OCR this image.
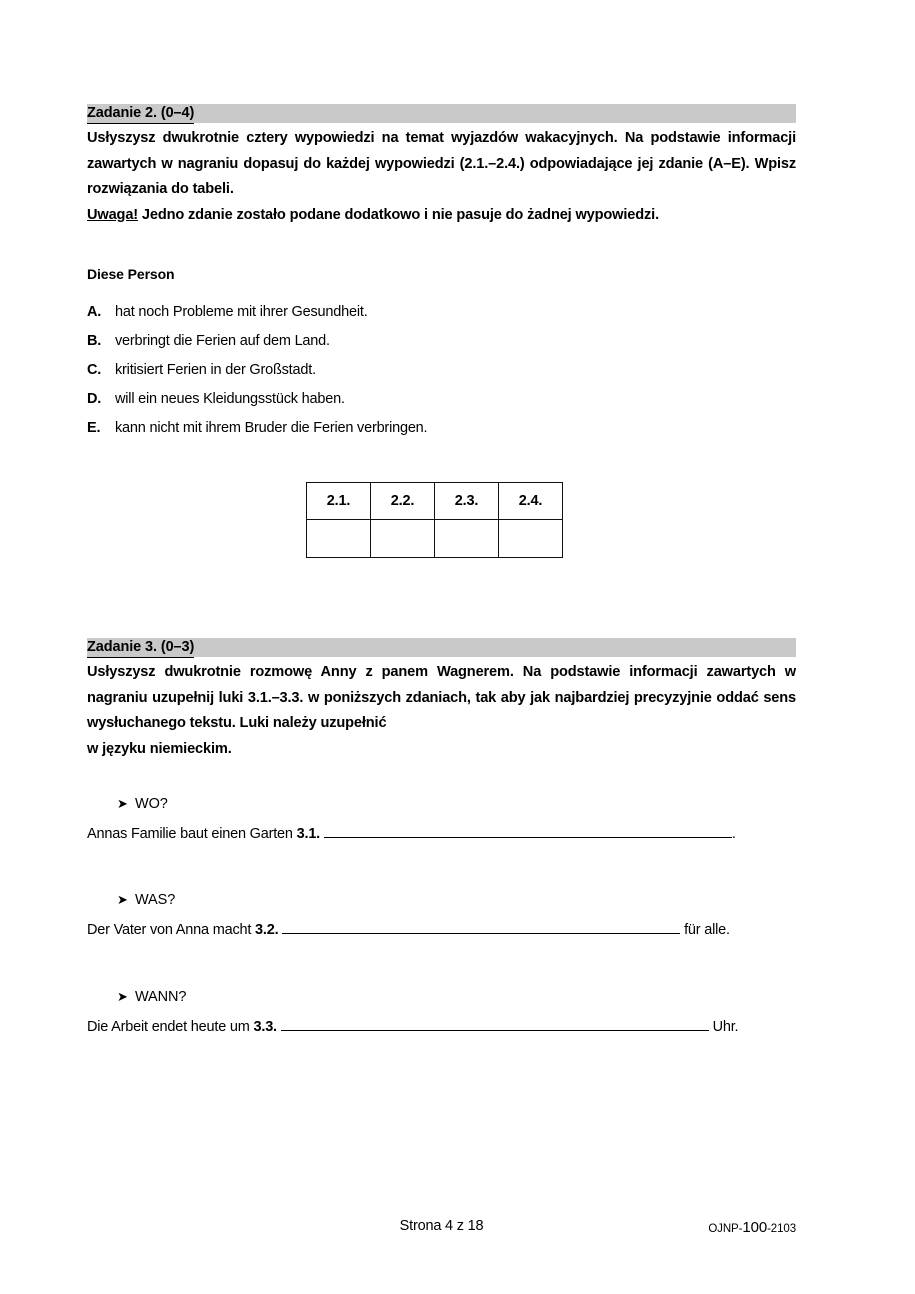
Zadanie 2. (0–4)
Usłyszysz dwukrotnie cztery wypowiedzi na temat wyjazdów wakacyjnych. Na podstawie informacji zawartych w nagraniu dopasuj do każdej wypowiedzi (2.1.–2.4.) odpowiadające jej zdanie (A–E). Wpisz rozwiązania do tabeli.
Uwaga! Jedno zdanie zostało podane dodatkowo i nie pasuje do żadnej wypowiedzi.
Diese Person
A. hat noch Probleme mit ihrer Gesundheit.
B. verbringt die Ferien auf dem Land.
C. kritisiert Ferien in der Großstadt.
D. will ein neues Kleidungsstück haben.
E. kann nicht mit ihrem Bruder die Ferien verbringen.
2.1.	2.2.	2.3.	2.4.

Zadanie 3. (0–3)
Usłyszysz dwukrotnie rozmowę Anny z panem Wagnerem. Na podstawie informacji zawartych w nagraniu uzupełnij luki 3.1.–3.3. w poniższych zdaniach, tak aby jak najbardziej precyzyjnie oddać sens wysłuchanego tekstu. Luki należy uzupełnić
w języku niemieckim.
➤ WO?
Annas Familie baut einen Garten 3.1.	.
➤ WAS?
Der Vater von Anna macht 3.2.	für alle.
➤ WANN?
Die Arbeit endet heute um 3.3.	Uhr.
Strona 4 z 18	OJNP-100-2103
